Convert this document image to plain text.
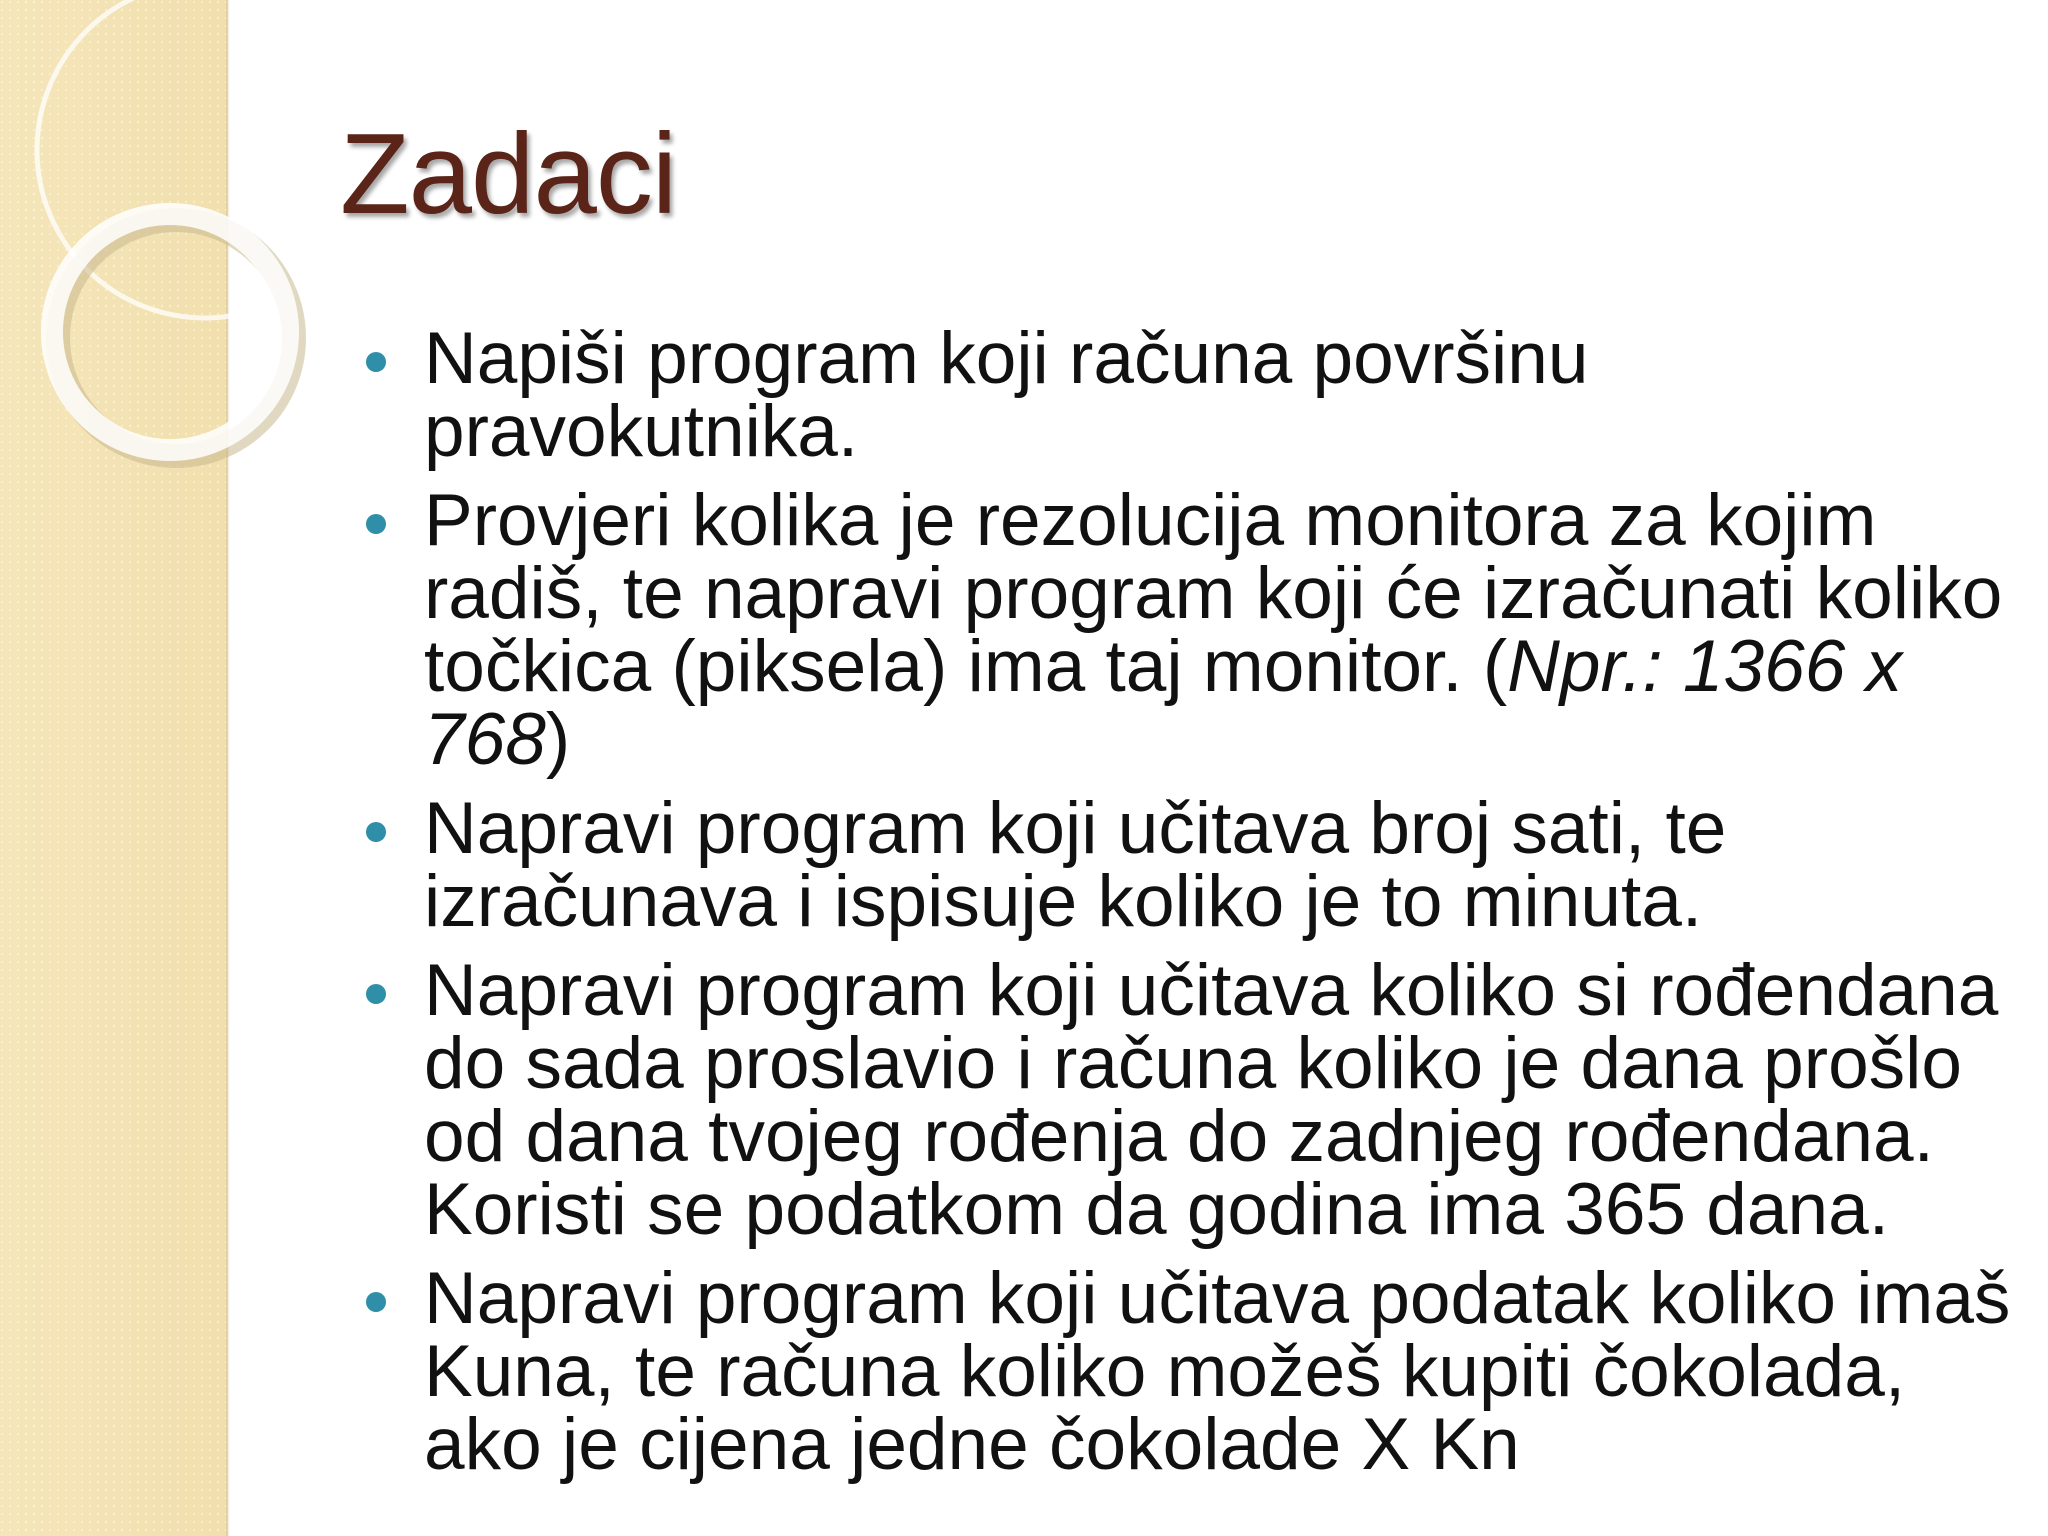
Zadaci
Napiši program koji računa površinu pravokutnika.
Provjeri kolika je rezolucija monitora za kojim radiš, te napravi program koji će izračunati koliko točkica (piksela) ima taj monitor. (Npr.: 1366 x 768)
Napravi program koji učitava broj sati, te izračunava i ispisuje koliko je to minuta.
Napravi program koji učitava koliko si rođendana do sada proslavio i računa koliko je dana prošlo od dana tvojeg rođenja do zadnjeg rođendana. Koristi se podatkom da godina ima 365 dana.
Napravi program koji učitava podatak koliko imaš Kuna, te računa koliko možeš kupiti čokolada, ako je cijena jedne čokolade X Kn
